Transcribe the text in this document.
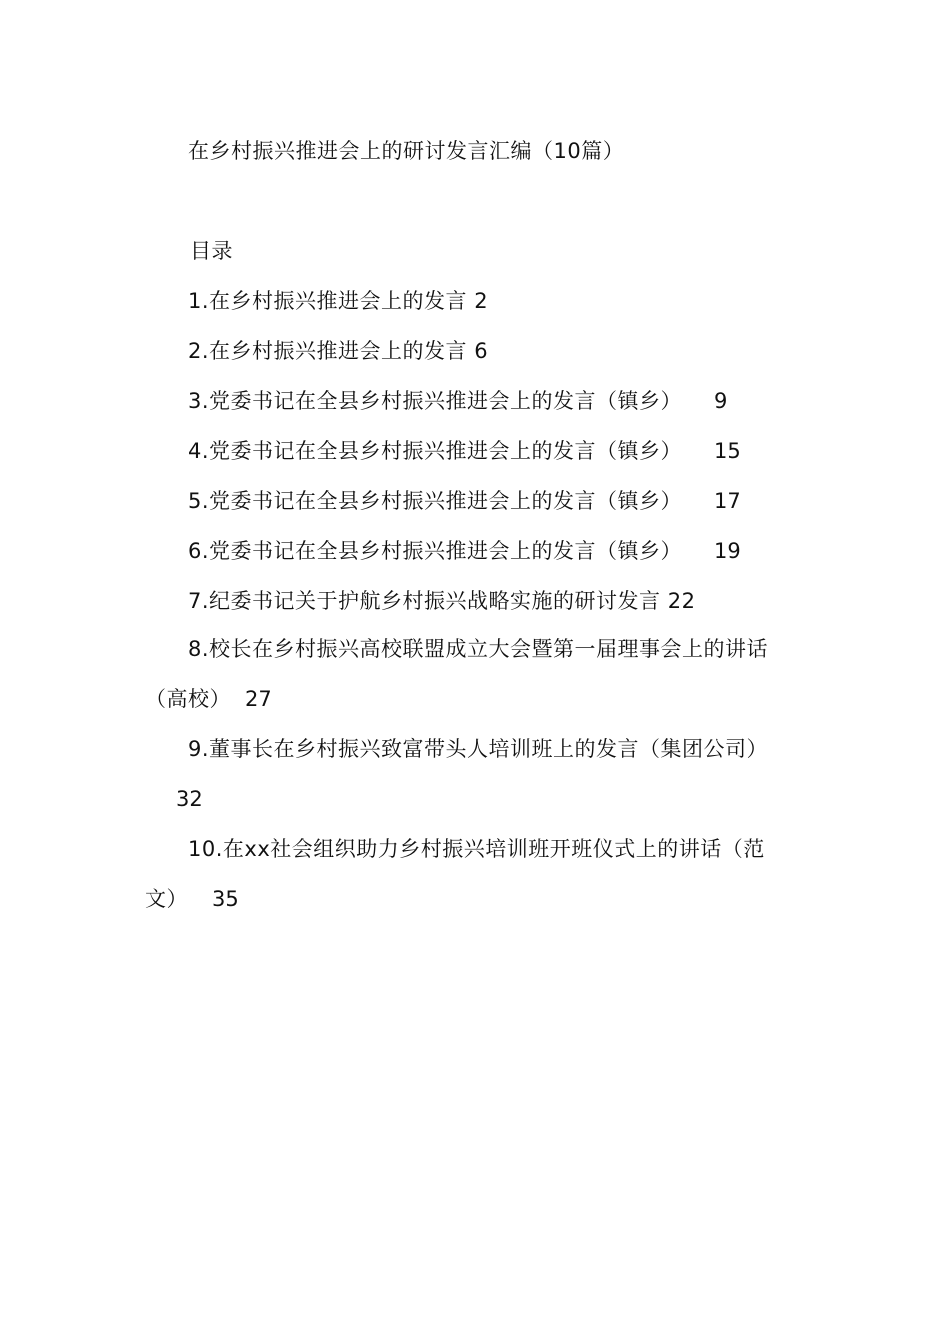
在乡村振兴推进会上的研讨发言汇编（10篇）
目录
1.在乡村振兴推进会上的发言 2
2.在乡村振兴推进会上的发言 6
3.党委书记在全县乡村振兴推进会上的发言（镇乡） 9
4.党委书记在全县乡村振兴推进会上的发言（镇乡） 15
5.党委书记在全县乡村振兴推进会上的发言（镇乡） 17
6.党委书记在全县乡村振兴推进会上的发言（镇乡） 19
7.纪委书记关于护航乡村振兴战略实施的研讨发言 22
8.校长在乡村振兴高校联盟成立大会暨第一届理事会上的讲话
（高校） 27
9.董事长在乡村振兴致富带头人培训班上的发言（集团公司）
32
10.在xx社会组织助力乡村振兴培训班开班仪式上的讲话（范
文） 35
